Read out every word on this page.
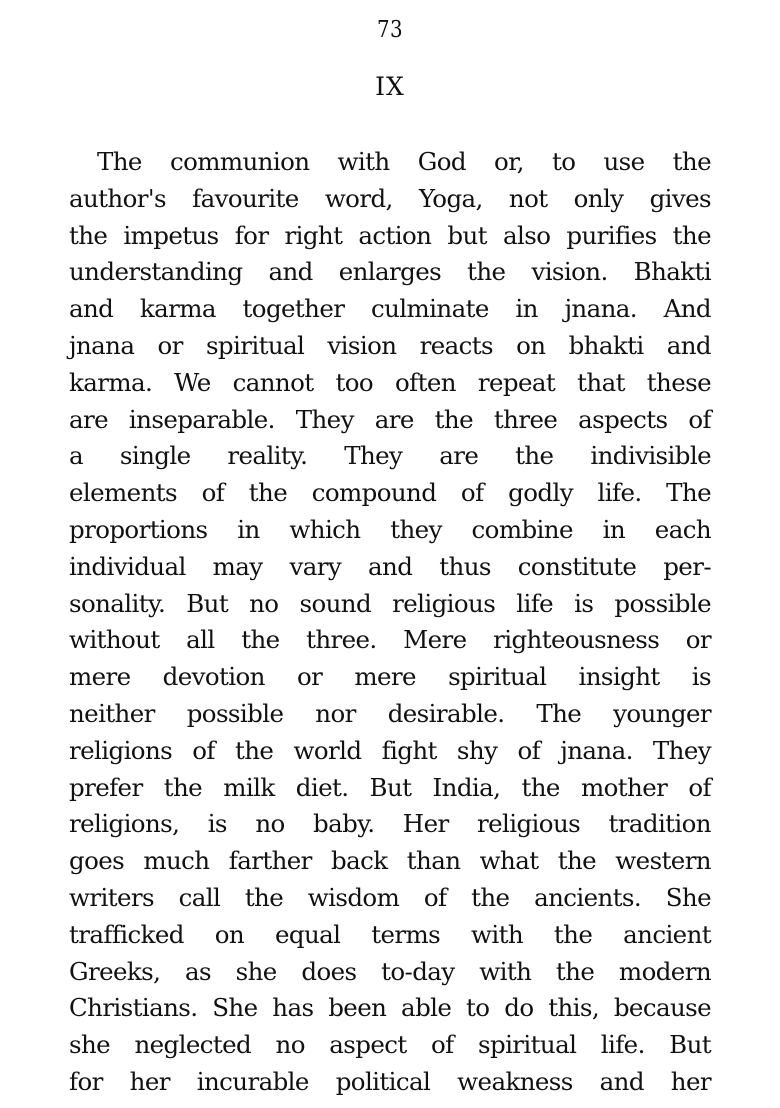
73
IX
The communion with God or, to use the
author's favourite word, Yoga, not only gives
the impetus for right action but also purifies the
understanding and enlarges the vision. Bhakti
and karma together culminate in jnana. And
jnana or spiritual vision reacts on bhakti and
karma. We cannot too often repeat that these
are inseparable. They are the three aspects of
a single reality. They are the indivisible
elements of the compound of godly life. The
proportions in which they combine in each
individual may vary and thus constitute per-
sonality. But no sound religious life is possible
without all the three. Mere righteousness or
mere devotion or mere spiritual insight is
neither possible nor desirable. The younger
religions of the world fight shy of jnana. They
prefer the milk diet. But India, the mother of
religions, is no baby. Her religious tradition
goes much farther back than what the western
writers call the wisdom of the ancients. She
trafficked on equal terms with the ancient
Greeks, as she does to-day with the modern
Christians. She has been able to do this, because
she neglected no aspect of spiritual life. But
for her incurable political weakness and her
